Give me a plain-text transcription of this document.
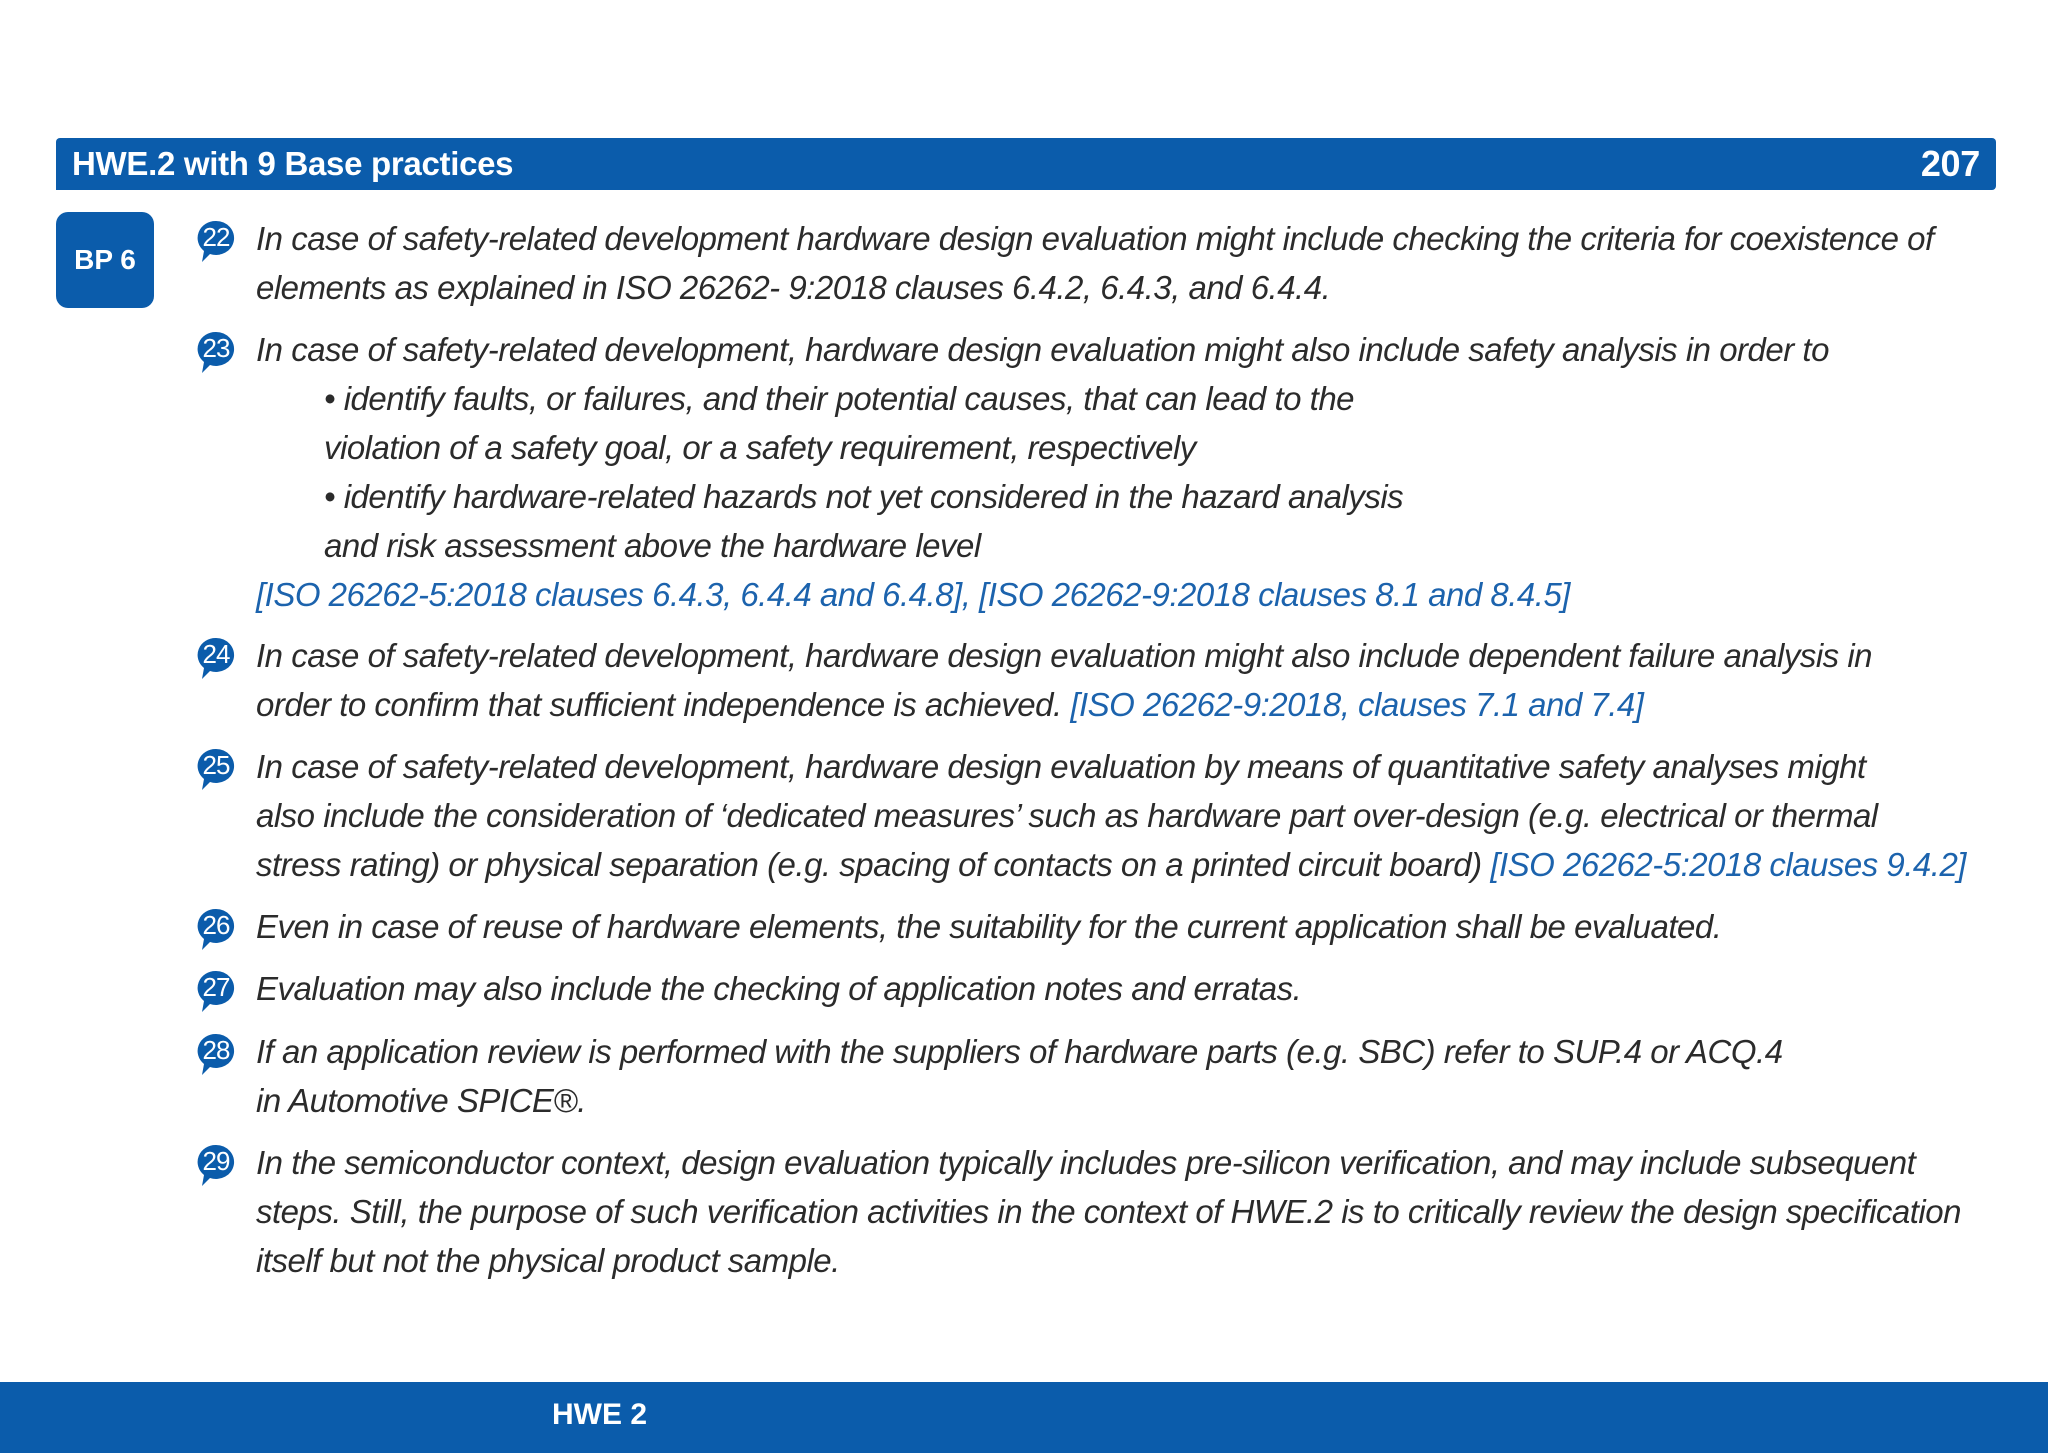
HWE.2 with 9 Base practices	207
BP 6
22 In case of safety-related development hardware design evaluation might include checking the criteria for coexistence of
elements as explained in ISO 26262- 9:2018 clauses 6.4.2, 6.4.3, and 6.4.4.
23 In case of safety-related development, hardware design evaluation might also include safety analysis in order to
• identify faults, or failures, and their potential causes, that can lead to the
violation of a safety goal, or a safety requirement, respectively
• identify hardware-related hazards not yet considered in the hazard analysis
and risk assessment above the hardware level
[ISO 26262-5:2018 clauses 6.4.3, 6.4.4 and 6.4.8], [ISO 26262-9:2018 clauses 8.1 and 8.4.5]
24 In case of safety-related development, hardware design evaluation might also include dependent failure analysis in
order to confirm that sufficient independence is achieved. [ISO 26262-9:2018, clauses 7.1 and 7.4]
25 In case of safety-related development, hardware design evaluation by means of quantitative safety analyses might
also include the consideration of ‘dedicated measures’ such as hardware part over-design (e.g. electrical or thermal
stress rating) or physical separation (e.g. spacing of contacts on a printed circuit board) [ISO 26262-5:2018 clauses 9.4.2]
26 Even in case of reuse of hardware elements, the suitability for the current application shall be evaluated.
27 Evaluation may also include the checking of application notes and erratas.
28 If an application review is performed with the suppliers of hardware parts (e.g. SBC) refer to SUP.4 or ACQ.4
in Automotive SPICE®.
29 In the semiconductor context, design evaluation typically includes pre-silicon verification, and may include subsequent
steps. Still, the purpose of such verification activities in the context of HWE.2 is to critically review the design specification
itself but not the physical product sample.
HWE 2
